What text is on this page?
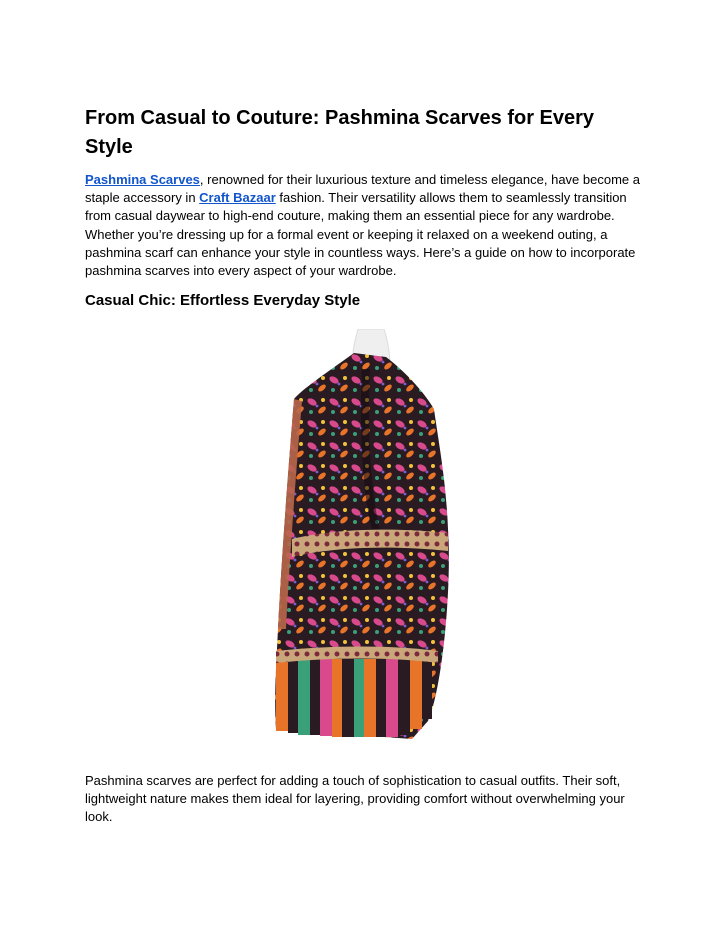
From Casual to Couture: Pashmina Scarves for Every Style

Pashmina Scarves, renowned for their luxurious texture and timeless elegance, have become a staple accessory in Craft Bazaar fashion. Their versatility allows them to seamlessly transition from casual daywear to high-end couture, making them an essential piece for any wardrobe. Whether you’re dressing up for a formal event or keeping it relaxed on a weekend outing, a pashmina scarf can enhance your style in countless ways. Here’s a guide on how to incorporate pashmina scarves into every aspect of your wardrobe.

Casual Chic: Effortless Everyday Style

Pashmina scarves are perfect for adding a touch of sophistication to casual outfits. Their soft, lightweight nature makes them ideal for layering, providing comfort without overwhelming your look.
